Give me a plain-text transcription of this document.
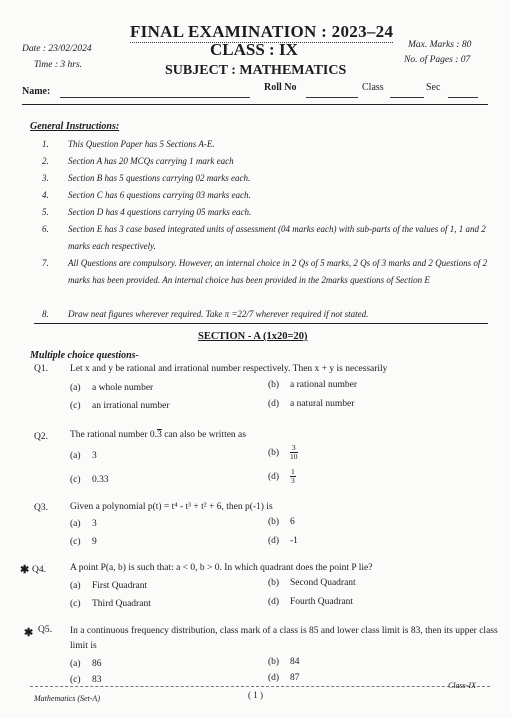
FINAL EXAMINATION : 2023–24
Date : 23/02/2024
Time : 3 hrs.
CLASS : IX	Max. Marks : 80
No. of Pages : 07
SUBJECT : MATHEMATICS
Name:	Roll No	Class	Sec
General Instructions:
1.	This Question Paper has 5 Sections A-E.
2.	Section A has 20 MCQs carrying 1 mark each
3.	Section B has 5 questions carrying 02 marks each.
4.	Section C has 6 questions carrying 03 marks each.
5.	Section D has 4 questions carrying 05 marks each.
6.	Section E has 3 case based integrated units of assessment (04 marks each) with sub-parts of the values of 1, 1 and 2 marks each respectively.
7.	All Questions are compulsory. However, an internal choice in 2 Qs of 5 marks, 2 Qs of 3 marks and 2 Questions of 2 marks has been provided. An internal choice has been provided in the 2marks questions of Section E
8.	Draw neat figures wherever required. Take π =22/7 wherever required if not stated.
SECTION - A (1x20=20)
Multiple choice questions-
Q1. Let x and y be rational and irrational number respectively. Then x + y is necessarily
(a) a whole number	(b) a rational number
(c) an irrational number	(d) a natural number
Q2. The rational number 0.3 can also be written as
(a) 3	$(b) \frac{3}{10}$
(c) 0.33	$(d) \frac{1}{3}$
Q3. Given a polynomial p(t) = t⁴ - t³ + t² + 6, then p(-1) is
(a) 3	(b) 6
(c) 9	(d) -1
✱ Q4.	A point P(a, b) is such that: a < 0, b > 0. In which quadrant does the point P lie?
(a) First Quadrant	(b) Second Quadrant
(c) Third Quadrant	(d) Fourth Quadrant
✱ Q5. In a continuous frequency distribution, class mark of a class is 85 and lower class limit is 83, then its upper class limit is
(a) 86	(b) 84
(c) 83	(d) 87
Mathematics (Set-A)	( 1 )
Class-IX
